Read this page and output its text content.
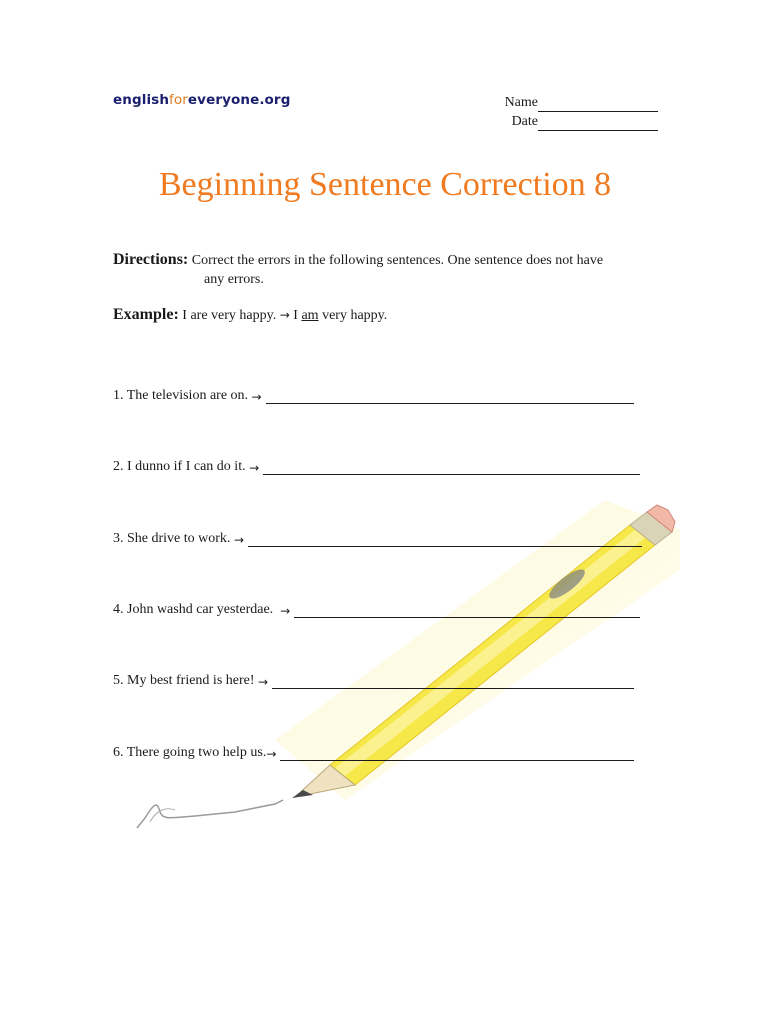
englishforeveryone.org	Name
Date
Beginning Sentence Correction 8
Directions: Correct the errors in the following sentences. One sentence does not have
any errors.
Example: I are very happy. → I am very happy.
1. The television are on.
→
2. I dunno if I can do it.
→
3. She drive to work.
→
4. John washd car yesterdae.
→
5. My best friend is here!
→
6. There going two help us. →
